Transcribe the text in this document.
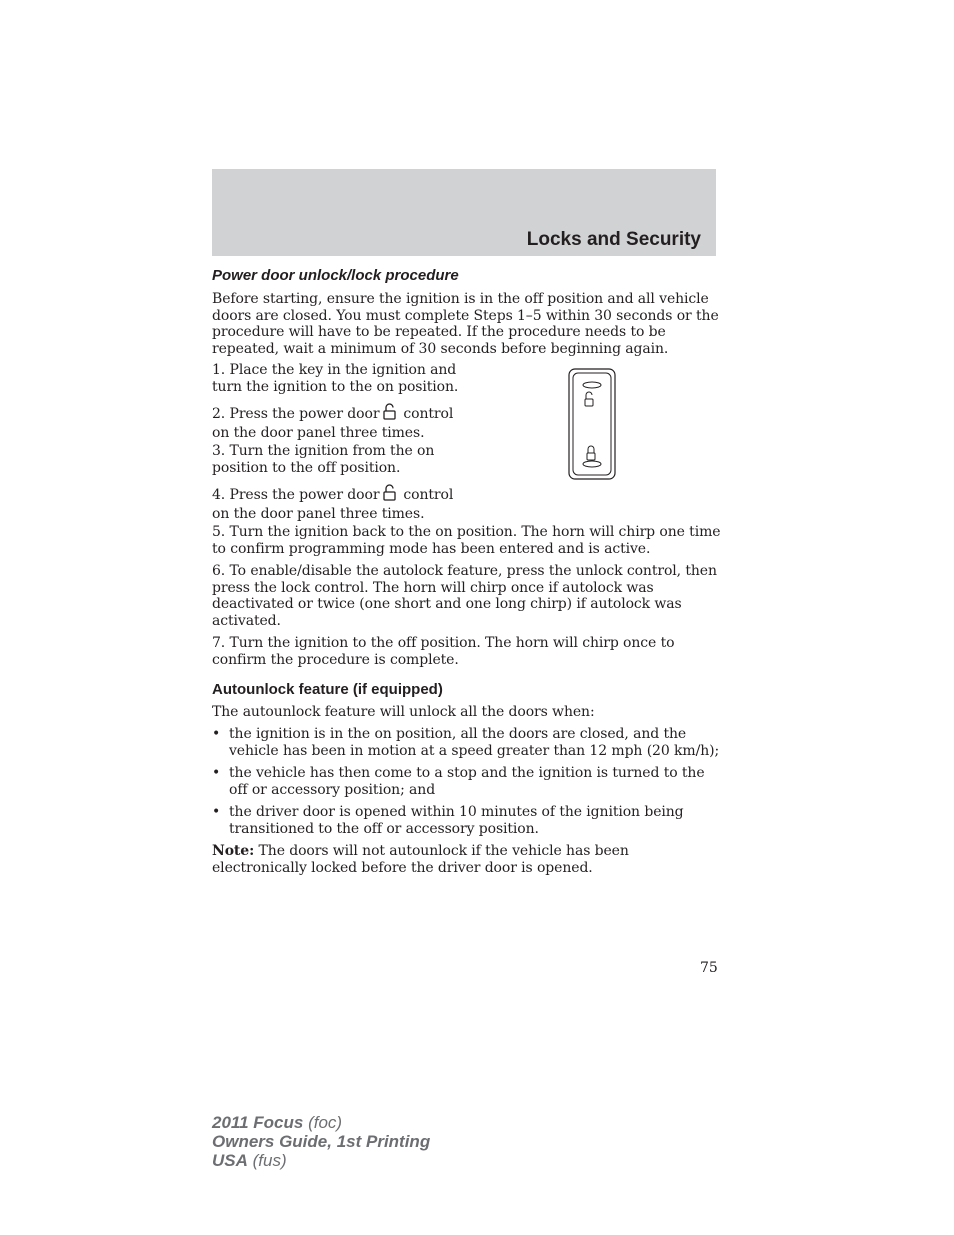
Locks and Security
Power door unlock/lock procedure
Before starting, ensure the ignition is in the off position and all vehicle doors are closed. You must complete Steps 1–5 within 30 seconds or the procedure will have to be repeated. If the procedure needs to be repeated, wait a minimum of 30 seconds before beginning again.
1. Place the key in the ignition and turn the ignition to the on position.
2. Press the power door control on the door panel three times.
3. Turn the ignition from the on position to the off position.
4. Press the power door control on the door panel three times.
5. Turn the ignition back to the on position. The horn will chirp one time to confirm programming mode has been entered and is active.
6. To enable/disable the autolock feature, press the unlock control, then press the lock control. The horn will chirp once if autolock was deactivated or twice (one short and one long chirp) if autolock was activated.
7. Turn the ignition to the off position. The horn will chirp once to confirm the procedure is complete.
Autounlock feature (if equipped)
The autounlock feature will unlock all the doors when:
• the ignition is in the on position, all the doors are closed, and the vehicle has been in motion at a speed greater than 12 mph (20 km/h);
• the vehicle has then come to a stop and the ignition is turned to the off or accessory position; and
• the driver door is opened within 10 minutes of the ignition being transitioned to the off or accessory position.
Note: The doors will not autounlock if the vehicle has been electronically locked before the driver door is opened.
75
2011 Focus (foc)
Owners Guide, 1st Printing
USA (fus)
